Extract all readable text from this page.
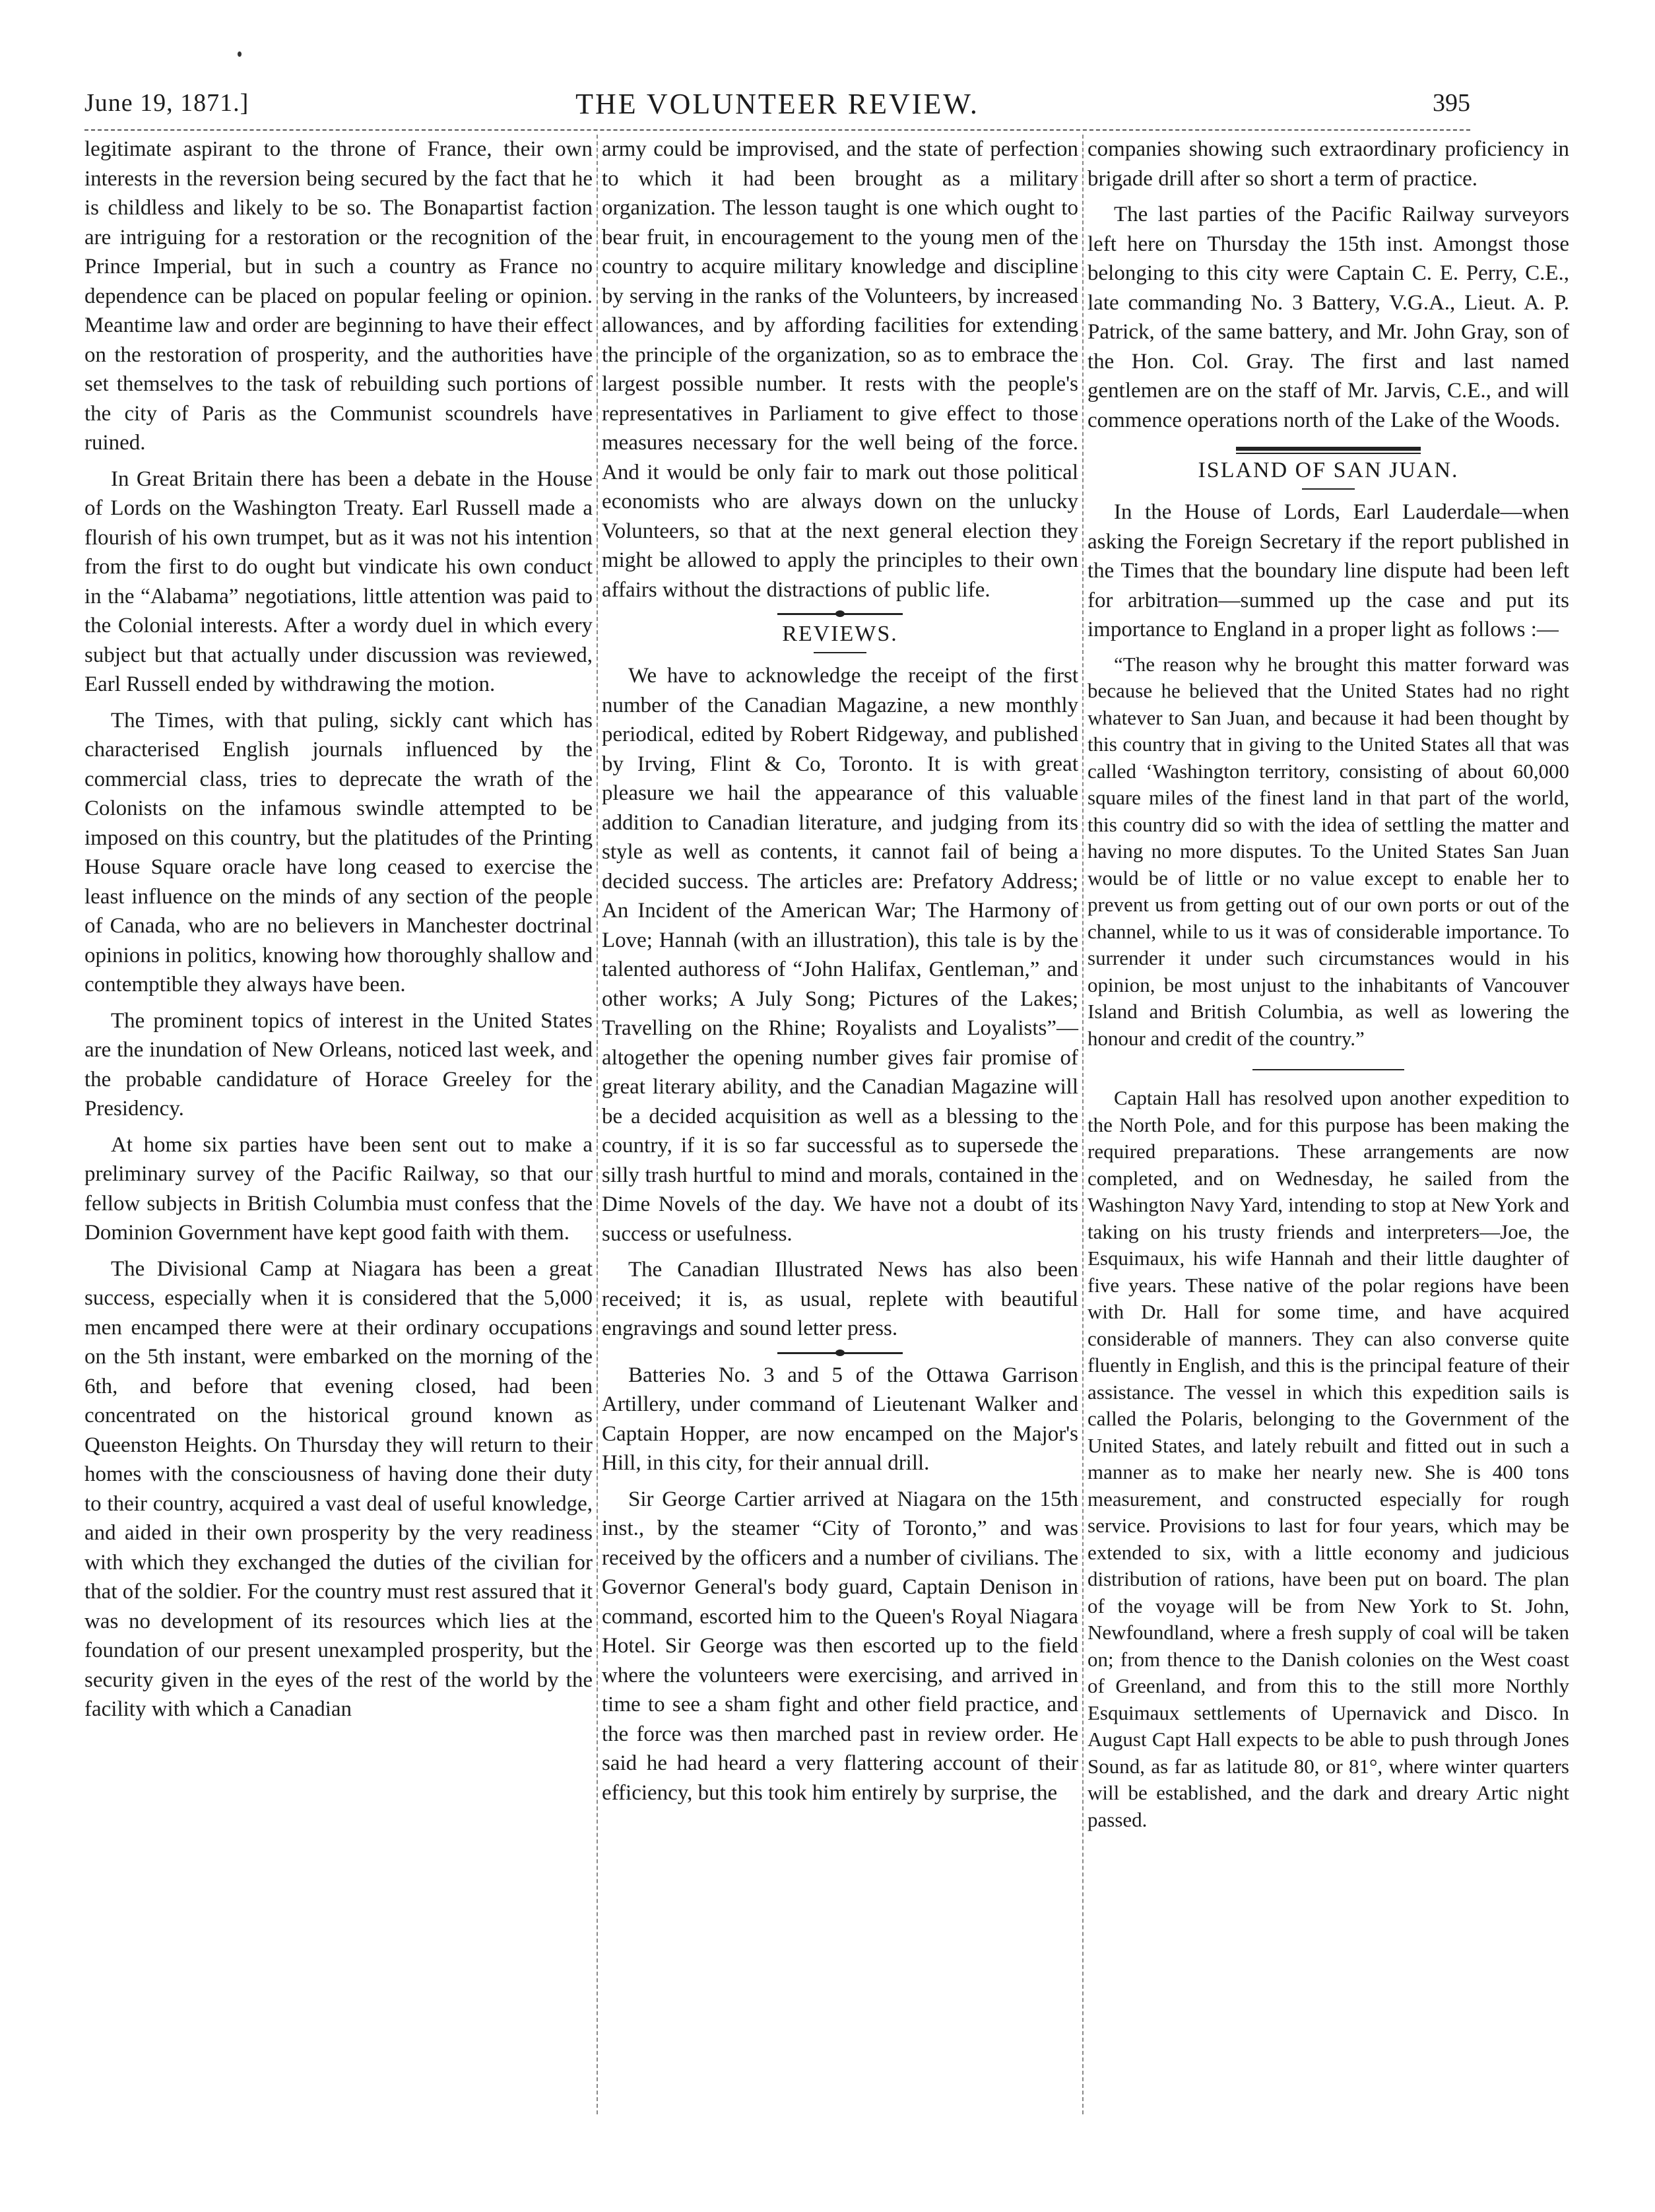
June 19, 1871.]	THE VOLUNTEER REVIEW.	395

legitimate aspirant to the throne of France, their own interests in the reversion being secured by the fact that he is childless and likely to be so. The Bonapartist faction are intriguing for a restoration or the recognition of the Prince Imperial, but in such a country as France no dependence can be placed on popular feeling or opinion. Meantime law and order are beginning to have their effect on the restoration of prosperity, and the authorities have set themselves to the task of rebuilding such portions of the city of Paris as the Communist scoundrels have ruined.

In Great Britain there has been a debate in the House of Lords on the Washington Treaty. Earl Russell made a flourish of his own trumpet, but as it was not his intention from the first to do ought but vindicate his own conduct in the “Alabama” negotiations, little attention was paid to the Colonial interests. After a wordy duel in which every subject but that actually under discussion was reviewed, Earl Russell ended by withdrawing the motion.

The Times, with that puling, sickly cant which has characterised English journals influenced by the commercial class, tries to deprecate the wrath of the Colonists on the infamous swindle attempted to be imposed on this country, but the platitudes of the Printing House Square oracle have long ceased to exercise the least influence on the minds of any section of the people of Canada, who are no believers in Manchester doctrinal opinions in politics, knowing how thoroughly shallow and contemptible they always have been.

The prominent topics of interest in the United States are the inundation of New Orleans, noticed last week, and the probable candidature of Horace Greeley for the Presidency.

At home six parties have been sent out to make a preliminary survey of the Pacific Railway, so that our fellow subjects in British Columbia must confess that the Dominion Government have kept good faith with them.

The Divisional Camp at Niagara has been a great success, especially when it is considered that the 5,000 men encamped there were at their ordinary occupations on the 5th instant, were embarked on the morning of the 6th, and before that evening closed, had been concentrated on the historical ground known as Queenston Heights. On Thursday they will return to their homes with the consciousness of having done their duty to their country, acquired a vast deal of useful knowledge, and aided in their own prosperity by the very readiness with which they exchanged the duties of the civilian for that of the soldier. For the country must rest assured that it was no development of its resources which lies at the foundation of our present unexampled prosperity, but the security given in the eyes of the rest of the world by the facility with which a Canadian

army could be improvised, and the state of perfection to which it had been brought as a military organization. The lesson taught is one which ought to bear fruit, in encouragement to the young men of the country to acquire military knowledge and discipline by serving in the ranks of the Volunteers, by increased allowances, and by affording facilities for extending the principle of the organization, so as to embrace the largest possible number. It rests with the people's representatives in Parliament to give effect to those measures necessary for the well being of the force. And it would be only fair to mark out those political economists who are always down on the unlucky Volunteers, so that at the next general election they might be allowed to apply the principles to their own affairs without the distractions of public life.

REVIEWS.

We have to acknowledge the receipt of the first number of the Canadian Magazine, a new monthly periodical, edited by Robert Ridgeway, and published by Irving, Flint & Co, Toronto. It is with great pleasure we hail the appearance of this valuable addition to Canadian literature, and judging from its style as well as contents, it cannot fail of being a decided success. The articles are: Prefatory Address; An Incident of the American War; The Harmony of Love; Hannah (with an illustration), this tale is by the talented authoress of “John Halifax, Gentleman,” and other works; A July Song; Pictures of the Lakes; Travelling on the Rhine; Royalists and Loyalists”—altogether the opening number gives fair promise of great literary ability, and the Canadian Magazine will be a decided acquisition as well as a blessing to the country, if it is so far successful as to supersede the silly trash hurtful to mind and morals, contained in the Dime Novels of the day. We have not a doubt of its success or usefulness.

The Canadian Illustrated News has also been received; it is, as usual, replete with beautiful engravings and sound letter press.

Batteries No. 3 and 5 of the Ottawa Garrison Artillery, under command of Lieutenant Walker and Captain Hopper, are now encamped on the Major's Hill, in this city, for their annual drill.

Sir George Cartier arrived at Niagara on the 15th inst., by the steamer “City of Toronto,” and was received by the officers and a number of civilians. The Governor General's body guard, Captain Denison in command, escorted him to the Queen's Royal Niagara Hotel. Sir George was then escorted up to the field where the volunteers were exercising, and arrived in time to see a sham fight and other field practice, and the force was then marched past in review order. He said he had heard a very flattering account of their efficiency, but this took him entirely by surprise, the

companies showing such extraordinary proficiency in brigade drill after so short a term of practice.

The last parties of the Pacific Railway surveyors left here on Thursday the 15th inst. Amongst those belonging to this city were Captain C. E. Perry, C.E., late commanding No. 3 Battery, V.G.A., Lieut. A. P. Patrick, of the same battery, and Mr. John Gray, son of the Hon. Col. Gray. The first and last named gentlemen are on the staff of Mr. Jarvis, C.E., and will commence operations north of the Lake of the Woods.

ISLAND OF SAN JUAN.

In the House of Lords, Earl Lauderdale—when asking the Foreign Secretary if the report published in the Times that the boundary line dispute had been left for arbitration—summed up the case and put its importance to England in a proper light as follows :—

“The reason why he brought this matter forward was because he believed that the United States had no right whatever to San Juan, and because it had been thought by this country that in giving to the United States all that was called ‘Washington territory, consisting of about 60,000 square miles of the finest land in that part of the world, this country did so with the idea of settling the matter and having no more disputes. To the United States San Juan would be of little or no value except to enable her to prevent us from getting out of our own ports or out of the channel, while to us it was of considerable importance. To surrender it under such circumstances would in his opinion, be most unjust to the inhabitants of Vancouver Island and British Columbia, as well as lowering the honour and credit of the country.”

Captain Hall has resolved upon another expedition to the North Pole, and for this purpose has been making the required preparations. These arrangements are now completed, and on Wednesday, he sailed from the Washington Navy Yard, intending to stop at New York and taking on his trusty friends and interpreters—Joe, the Esquimaux, his wife Hannah and their little daughter of five years. These native of the polar regions have been with Dr. Hall for some time, and have acquired considerable of manners. They can also converse quite fluently in English, and this is the principal feature of their assistance. The vessel in which this expedition sails is called the Polaris, belonging to the Government of the United States, and lately rebuilt and fitted out in such a manner as to make her nearly new. She is 400 tons measurement, and constructed especially for rough service. Provisions to last for four years, which may be extended to six, with a little economy and judicious distribution of rations, have been put on board. The plan of the voyage will be from New York to St. John, Newfoundland, where a fresh supply of coal will be taken on; from thence to the Danish colonies on the West coast of Greenland, and from this to the still more Northly Esquimaux settlements of Upernavick and Disco. In August Capt Hall expects to be able to push through Jones Sound, as far as latitude 80, or 81°, where winter quarters will be established, and the dark and dreary Artic night passed.
